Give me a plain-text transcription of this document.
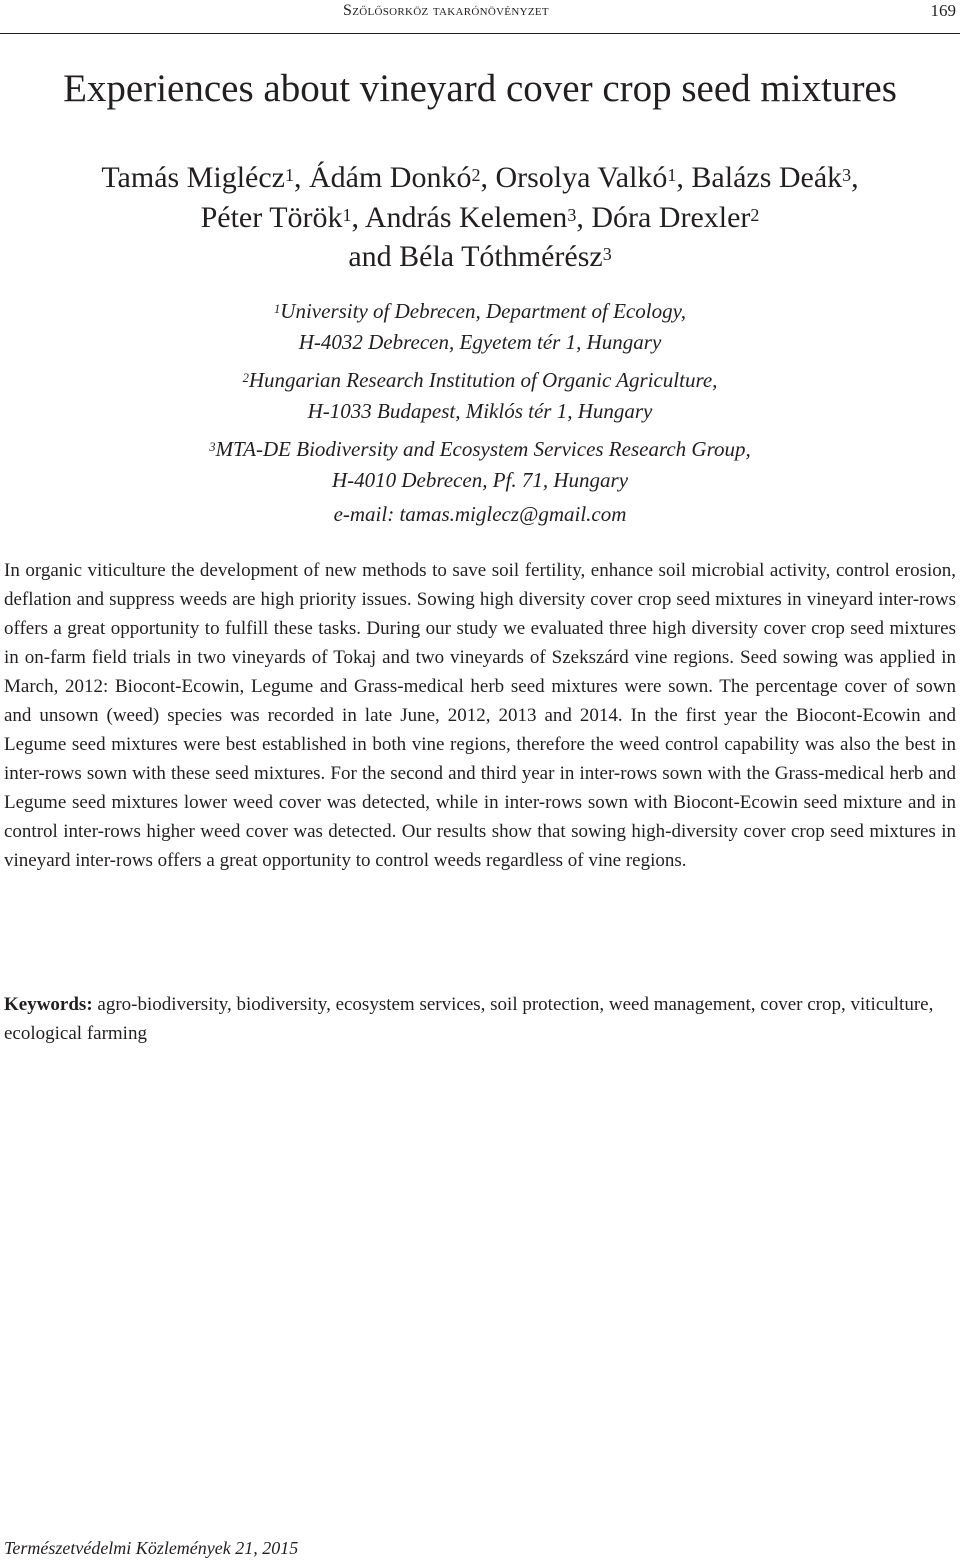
Szőlősorköz takarónövényzet	169
Experiences about vineyard cover crop seed mixtures
Tamás Miglécz$^1$, Ádám Donkó$^2$, Orsolya Valkó$^1$, Balázs Deák$^3$,
Péter Török$^1$, András Kelemen$^3$, Dóra Drexler$^2$
and Béla Tóthmérész$^3$
$^1$University of Debrecen, Department of Ecology,
H-4032 Debrecen, Egyetem tér 1, Hungary
$^2$Hungarian Research Institution of Organic Agriculture,
H-1033 Budapest, Miklós tér 1, Hungary
$^3$MTA-DE Biodiversity and Ecosystem Services Research Group,
H-4010 Debrecen, Pf. 71, Hungary
e-mail: tamas.miglecz@gmail.com

In organic viticulture the development of new methods to save soil fertility, enhance soil microbial activity, control erosion, deflation and suppress weeds are high priority issues. Sowing high diversity cover crop seed mixtures in vineyard inter-rows offers a great opportunity to fulfill these tasks. During our study we evaluated three high diversity cover crop seed mixtures in on-farm field trials in two vineyards of Tokaj and two vineyards of Szekszárd vine regions. Seed sowing was applied in March, 2012: Biocont-Ecowin, Legume and Grass-medical herb seed mixtures were sown. The percentage cover of sown and unsown (weed) species was recorded in late June, 2012, 2013 and 2014. In the first year the Biocont-Ecowin and Legume seed mixtures were best established in both vine regions, therefore the weed control capability was also the best in inter-rows sown with these seed mixtures. For the second and third year in inter-rows sown with the Grass-medical herb and Legume seed mixtures lower weed cover was detected, while in inter-rows sown with Biocont-Ecowin seed mixture and in control inter-rows higher weed cover was detected. Our results show that sowing high-diversity cover crop seed mixtures in vineyard inter-rows offers a great opportunity to control weeds regardless of vine regions.

Keywords: agro-biodiversity, biodiversity, ecosystem services, soil protection, weed management, cover crop, viticulture, ecological farming

Természetvédelmi Közlemények 21, 2015
